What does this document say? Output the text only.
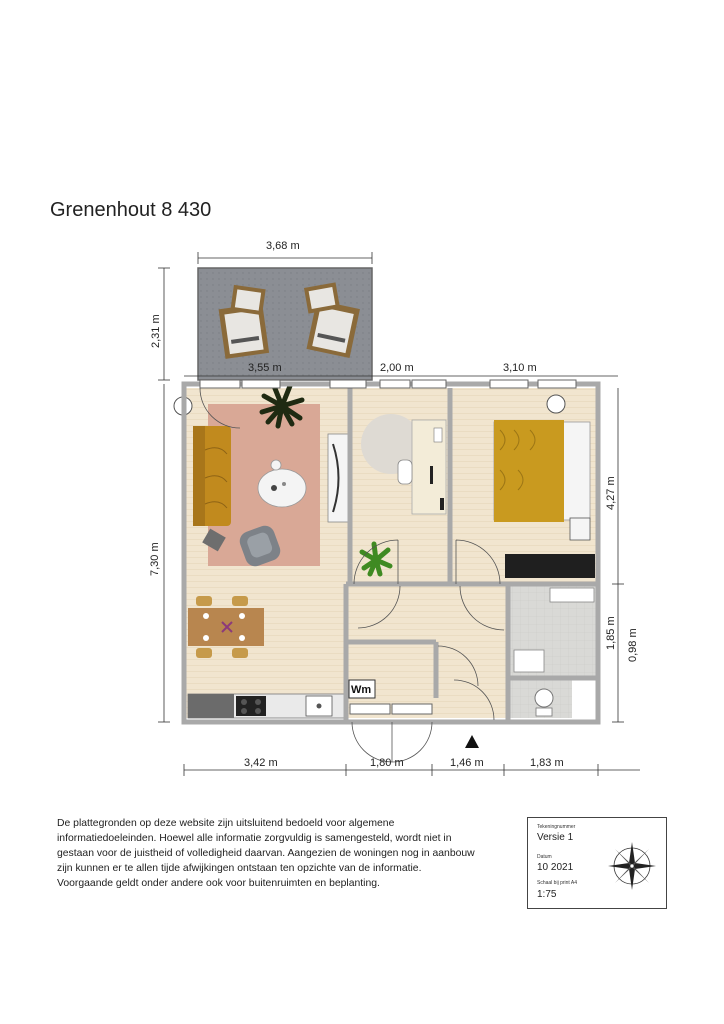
Grenenhout 8 430
Wm
3,68 m
2,31 m
3,55 m	2,00 m	3,10 m
7,30 m
4,27 m
1,85 m 0,98 m
3,42 m	1,80 m	1,46 m	1,83 m
De plattegronden op deze website zijn uitsluitend bedoeld voor algemene informatiedoeleinden. Hoewel alle informatie zorgvuldig is samengesteld, wordt niet in gestaan voor de juistheid of volledigheid daarvan. Aangezien de woningen nog in aanbouw zijn kunnen er te allen tijde afwijkingen ontstaan ten opzichte van de informatie. Voorgaande geldt onder andere ook voor buitenruimten en beplanting.
Tekeningnummer
Versie 1
Datum
10 2021
Schaal bij print A4
1:75
